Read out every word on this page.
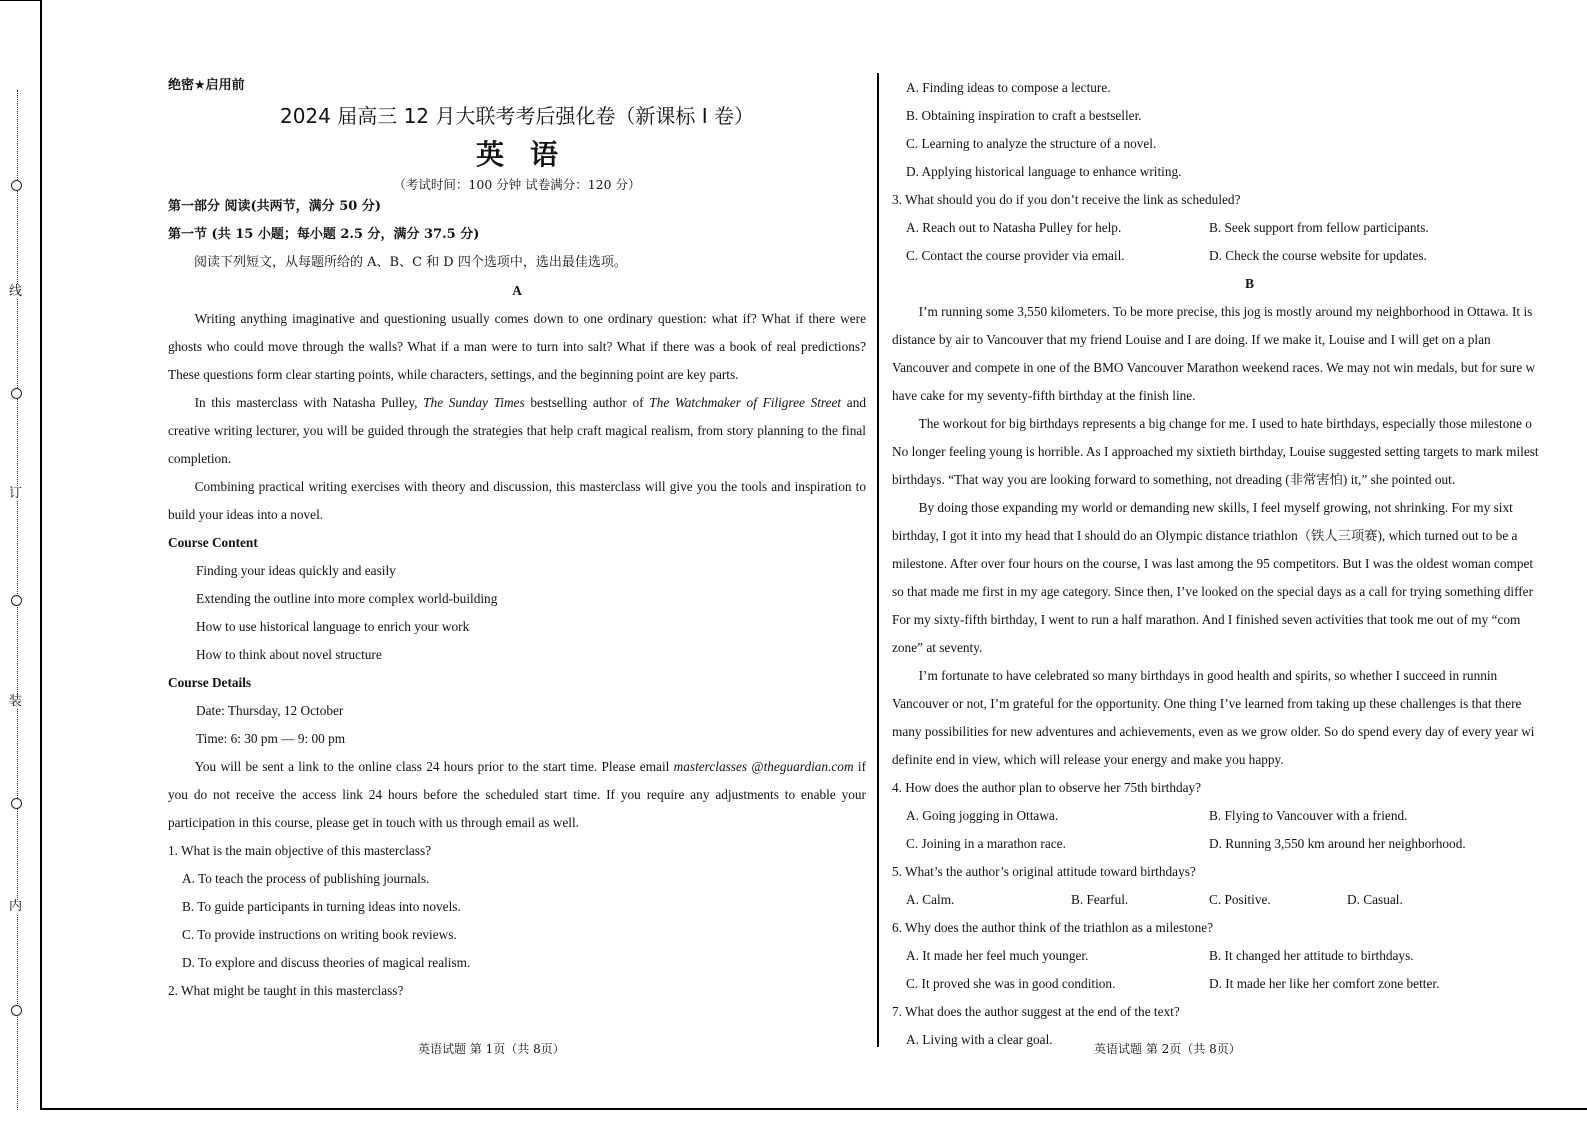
线
订
装
内

绝密★启用前

2024 届高三 12 月大联考考后强化卷（新课标 I 卷）

英语

（考试时间：100 分钟 试卷满分：120 分）

第一部分 阅读(共两节，满分 50 分)

第一节 (共 15 小题；每小题 2.5 分，满分 37.5 分)

阅读下列短文，从每题所给的 A、B、C 和 D 四个选项中，选出最佳选项。

A

Writing anything imaginative and questioning usually comes down to one ordinary question: what if? What if there were ghosts who could move through the walls? What if a man were to turn into salt? What if there was a book of real predictions? These questions form clear starting points, while characters, settings, and the beginning point are key parts.

In this masterclass with Natasha Pulley, The Sunday Times bestselling author of The Watchmaker of Filigree Street and creative writing lecturer, you will be guided through the strategies that help craft magical realism, from story planning to the final completion.

Combining practical writing exercises with theory and discussion, this masterclass will give you the tools and inspiration to build your ideas into a novel.

Course Content

Finding your ideas quickly and easily

Extending the outline into more complex world-building

How to use historical language to enrich your work

How to think about novel structure

Course Details

Date: Thursday, 12 October

Time: 6: 30 pm — 9: 00 pm

You will be sent a link to the online class 24 hours prior to the start time. Please email masterclasses @theguardian.com if you do not receive the access link 24 hours before the scheduled start time. If you require any adjustments to enable your participation in this course, please get in touch with us through email as well.

1. What is the main objective of this masterclass?

A. To teach the process of publishing journals.

B. To guide participants in turning ideas into novels.

C. To provide instructions on writing book reviews.

D. To explore and discuss theories of magical realism.

2. What might be taught in this masterclass?

A. Finding ideas to compose a lecture.

B. Obtaining inspiration to craft a bestseller.

C. Learning to analyze the structure of a novel.

D. Applying historical language to enhance writing.

3. What should you do if you don’t receive the link as scheduled?

A. Reach out to Natasha Pulley for help.	B. Seek support from fellow participants.

C. Contact the course provider via email.	D. Check the course website for updates.

B

I’m running some 3,550 kilometers. To be more precise, this jog is mostly around my neighborhood in Ottawa. It is

distance by air to Vancouver that my friend Louise and I are doing. If we make it, Louise and I will get on a plan

Vancouver and compete in one of the BMO Vancouver Marathon weekend races. We may not win medals, but for sure w

have cake for my seventy-fifth birthday at the finish line.

The workout for big birthdays represents a big change for me. I used to hate birthdays, especially those milestone o

No longer feeling young is horrible. As I approached my sixtieth birthday, Louise suggested setting targets to mark milest

birthdays. “That way you are looking forward to something, not dreading (非常害怕) it,” she pointed out.

By doing those expanding my world or demanding new skills, I feel myself growing, not shrinking. For my sixt

birthday, I got it into my head that I should do an Olympic distance triathlon（铁人三项赛), which turned out to be a

milestone. After over four hours on the course, I was last among the 95 competitors. But I was the oldest woman compet

so that made me first in my age category. Since then, I’ve looked on the special days as a call for trying something differ

For my sixty-fifth birthday, I went to run a half marathon. And I finished seven activities that took me out of my “com

zone” at seventy.

I’m fortunate to have celebrated so many birthdays in good health and spirits, so whether I succeed in runnin

Vancouver or not, I’m grateful for the opportunity. One thing I’ve learned from taking up these challenges is that there

many possibilities for new adventures and achievements, even as we grow older. So do spend every day of every year wi

definite end in view, which will release your energy and make you happy.

4. How does the author plan to observe her 75th birthday?

A. Going jogging in Ottawa.	B. Flying to Vancouver with a friend.

C. Joining in a marathon race.	D. Running 3,550 km around her neighborhood.

5. What’s the author’s original attitude toward birthdays?

A. Calm.	B. Fearful.	C. Positive.	D. Casual.

6. Why does the author think of the triathlon as a milestone?

A. It made her feel much younger.	B. It changed her attitude to birthdays.

C. It proved she was in good condition.	D. It made her like her comfort zone better.

7. What does the author suggest at the end of the text?

A. Living with a clear goal.

英语试题 第 1页（共 8页）	英语试题 第 2页（共 8页）
